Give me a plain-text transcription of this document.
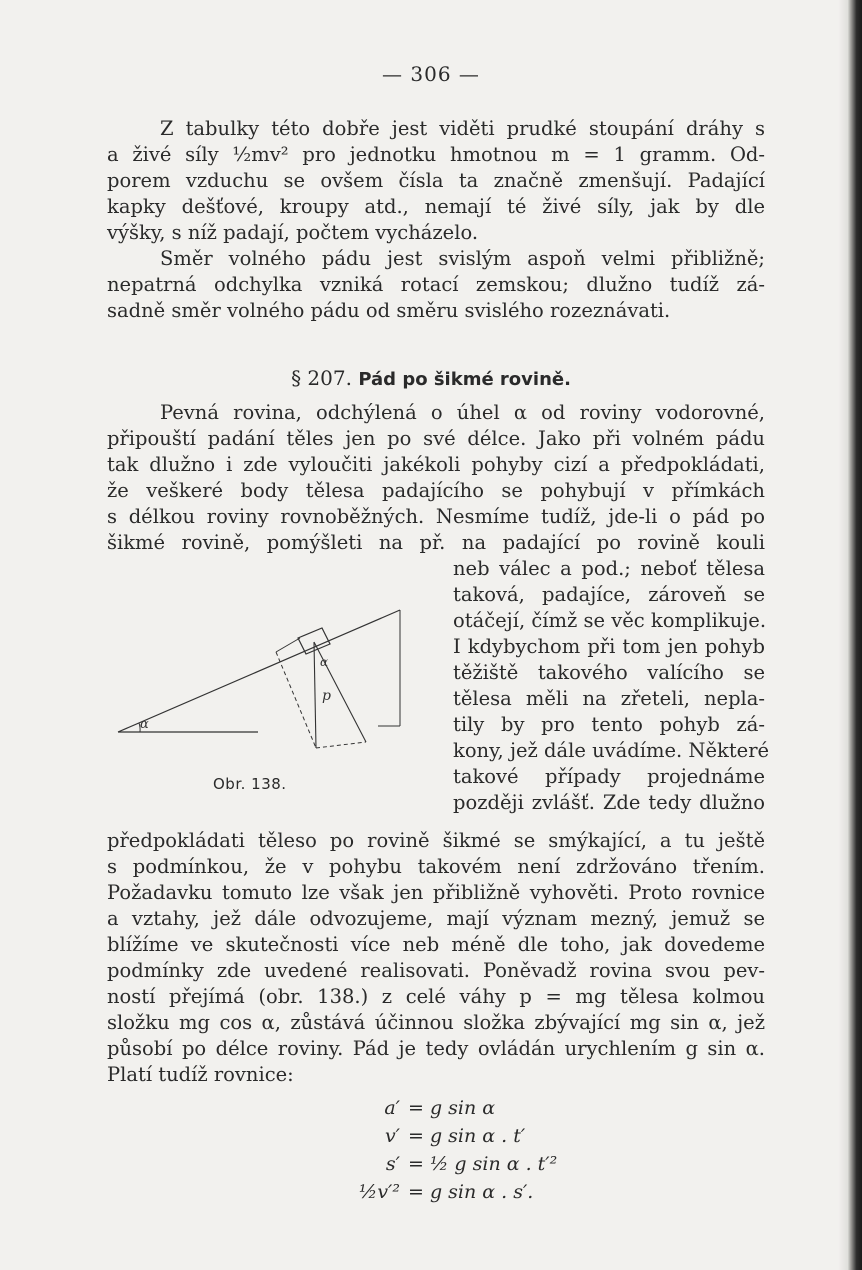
— 306 —
Z tabulky této dobře jest viděti prudké stoupání dráhy s
a živé síly ½mv² pro jednotku hmotnou m = 1 gramm. Od-
porem vzduchu se ovšem čísla ta značně zmenšují. Padající
kapky dešťové, kroupy atd., nemají té živé síly, jak by dle
výšky, s níž padají, počtem vycházelo.
Směr volného pádu jest svislým aspoň velmi přibližně;
nepatrná odchylka vzniká rotací zemskou; dlužno tudíž zá-
sadně směr volného pádu od směru svislého rozeznávati.
§ 207. Pád po šikmé rovině.
Pevná rovina, odchýlená o úhel α od roviny vodorovné,
připouští padání těles jen po své délce. Jako při volném pádu
tak dlužno i zde vyloučiti jakékoli pohyby cizí a předpokládati,
že veškeré body tělesa padajícího se pohybují v přímkách
s délkou roviny rovnoběžných. Nesmíme tudíž, jde-li o pád po
šikmé rovině, pomýšleti na př. na padající po rovině kouli
neb válec a pod.; neboť tělesa
taková, padajíce, zároveň se
otáčejí, čímž se věc komplikuje.
I kdybychom při tom jen pohyb
těžiště takového valícího se
tělesa měli na zřeteli, nepla-
tily by pro tento pohyb zá-
kony, jež dále uvádíme. Některé
takové případy projednáme
později zvlášť. Zde tedy dlužno
α
α
p
Obr. 138.
předpokládati těleso po rovině šikmé se smýkající, a tu ještě
s podmínkou, že v pohybu takovém není zdržováno třením.
Požadavku tomuto lze však jen přibližně vyhověti. Proto rovnice
a vztahy, jež dále odvozujeme, mají význam mezný, jemuž se
blížíme ve skutečnosti více neb méně dle toho, jak dovedeme
podmínky zde uvedené realisovati. Poněvadž rovina svou pev-
ností přejímá (obr. 138.) z celé váhy p = mg tělesa kolmou
složku mg cos α, zůstává účinnou složka zbývající mg sin α, jež
působí po délce roviny. Pád je tedy ovládán urychlením g sin α.
Platí tudíž rovnice:
a′ = g sin α
v′ = g sin α . t′
s′ = ½ g sin α . t′²
½v′² = g sin α . s′.
